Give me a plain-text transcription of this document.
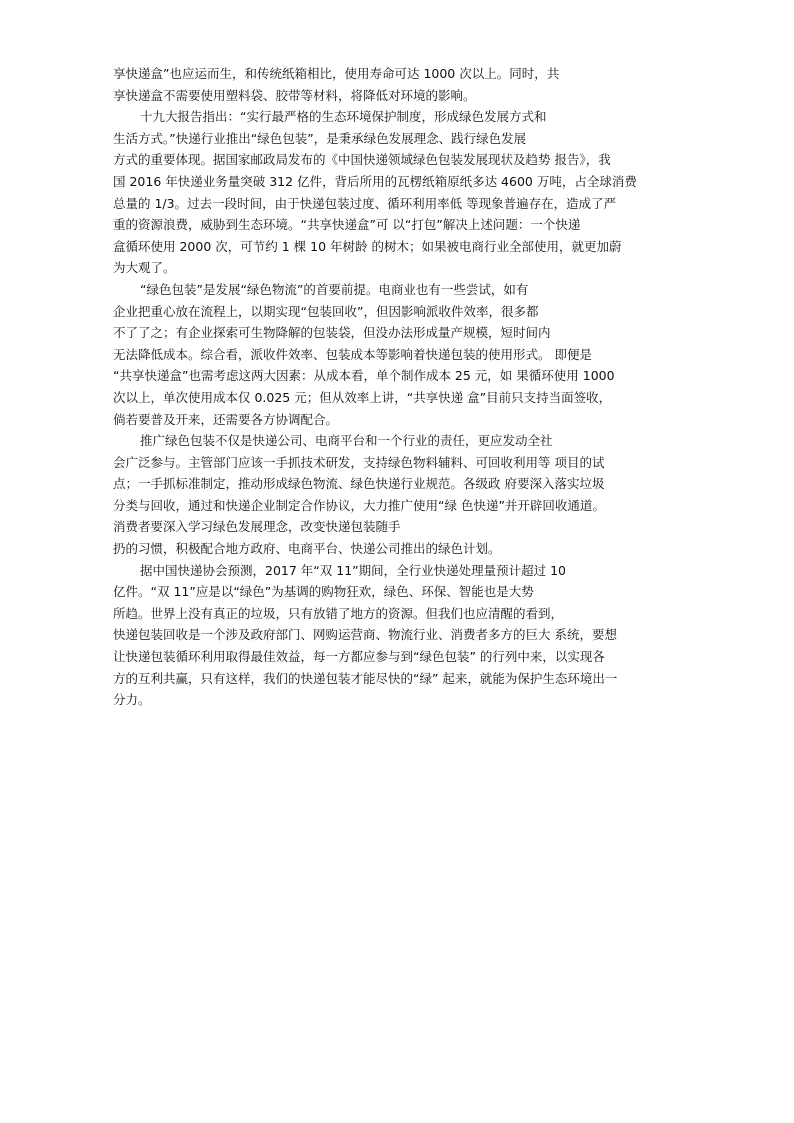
享快递盒”也应运而生，和传统纸箱相比，使用寿命可达 1000 次以上。同时，共
享快递盒不需要使用塑料袋、胶带等材料，将降低对环境的影响。
十九大报告指出：“实行最严格的生态环境保护制度，形成绿色发展方式和
生活方式。”快递行业推出“绿色包装”，是秉承绿色发展理念、践行绿色发展
方式的重要体现。据国家邮政局发布的《中国快递领域绿色包装发展现状及趋势 报告》，我
国 2016 年快递业务量突破 312 亿件，背后所用的瓦楞纸箱原纸多达 4600 万吨，占全球消费
总量的 1/3。过去一段时间，由于快递包装过度、循环利用率低 等现象普遍存在，造成了严
重的资源浪费，威胁到生态环境。“共享快递盒”可 以“打包”解决上述问题：一个快递
盒循环使用 2000 次，可节约 1 棵 10 年树龄 的树木；如果被电商行业全部使用，就更加蔚
为大观了。
“绿色包装”是发展“绿色物流”的首要前提。电商业也有一些尝试，如有
企业把重心放在流程上，以期实现“包装回收”，但因影响派收件效率，很多都
不了了之；有企业探索可生物降解的包装袋，但没办法形成量产规模，短时间内
无法降低成本。综合看，派收件效率、包装成本等影响着快递包装的使用形式。 即便是
“共享快递盒”也需考虑这两大因素：从成本看，单个制作成本 25 元，如 果循环使用 1000
次以上，单次使用成本仅 0.025 元；但从效率上讲，“共享快递 盒”目前只支持当面签收，
倘若要普及开来，还需要各方协调配合。
推广绿色包装不仅是快递公司、电商平台和一个行业的责任，更应发动全社
会广泛参与。主管部门应该一手抓技术研发，支持绿色物料辅料、可回收利用等 项目的试
点；一手抓标准制定，推动形成绿色物流、绿色快递行业规范。各级政 府要深入落实垃圾
分类与回收，通过和快递企业制定合作协议，大力推广使用“绿 色快递”并开辟回收通道。
消费者要深入学习绿色发展理念，改变快递包装随手
扔的习惯，积极配合地方政府、电商平台、快递公司推出的绿色计划。
据中国快递协会预测，2017 年“双 11”期间，全行业快递处理量预计超过 10
亿件。“双 11”应是以“绿色”为基调的购物狂欢，绿色、环保、智能也是大势
所趋。世界上没有真正的垃圾，只有放错了地方的资源。但我们也应清醒的看到，
快递包装回收是一个涉及政府部门、网购运营商、物流行业、消费者多方的巨大 系统，要想
让快递包装循环利用取得最佳效益，每一方都应参与到“绿色包装” 的行列中来，以实现各
方的互利共赢，只有这样，我们的快递包装才能尽快的“绿” 起来，就能为保护生态环境出一
分力。
